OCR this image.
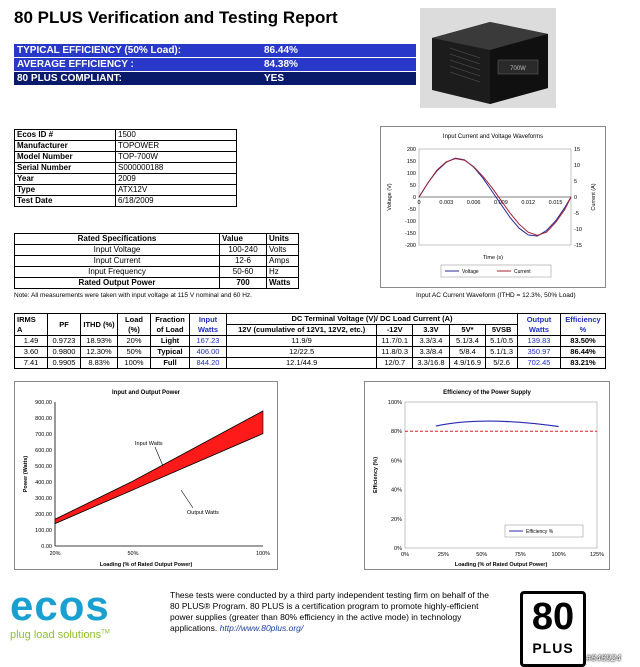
80 PLUS Verification and Testing Report
TYPICAL EFFICIENCY (50% Load):	86.44%
AVERAGE EFFICIENCY :	84.38%
80 PLUS COMPLIANT:	YES
700W
Ecos ID #	1500
Manufacturer	TOPOWER
Model Number	TOP-700W
Serial Number	S000000188
Year	2009
Type	ATX12V
Test Date	6/18/2009
Rated Specifications	Value	Units
Input Voltage	100-240	Volts
Input Current	12-6	Amps
Input Frequency	50-60	Hz
Rated Output Power	700	Watts
Note: All measurements were taken with input voltage at 115 V nominal and 60 Hz.	Input AC Current Waveform (ITHD = 12.3%, 50% Load)
Input Current and Voltage Waveforms
200
150
100
50
0
-50
-100
-150
-200
15
10
5
0
-5
-10
-15
0	0.003 0.006 0.009 0.012 0.015
Time (s)
Voltage (V)	Current (A)
Voltage	Current
IRMS
A	PF	ITHD (%)	Load (%)	Fraction of Load	Input Watts	DC Terminal Voltage (V)/ DC Load Current (A)					Output Watts	Efficiency %
						12V (cumulative of 12V1, 12V2, etc.)	-12V	3.3V	5V*	5VSB		
1.49	0.9723	18.93%	20%	Light	167.23	11.9/9	11.7/0.1	3.3/3.4	5.1/3.4	5.1/0.5	139.83	83.50%
3.60	0.9800	12.30%	50%	Typical	406.00	12/22.5	11.8/0.3	3.3/8.4	5/8.4	5.1/1.3	350.97	86.44%
7.41	0.9905	8.83%	100%	Full	844.20	12.1/44.9	12/0.7	3.3/16.8	4.9/16.9	5/2.6	702.45	83.21%
Input and Output Power
900.00
800.00
700.00
600.00
500.00
400.00
300.00
200.00
100.00
0.00
20%	50%	100%
Loading (% of Rated Output Power)
Power (Watts)
Input Watts
Output Watts
Efficiency of the Power Supply
100%
80%
60%
40%
20%
0%
0%	25%	50%	75%	100%	125%
Loading (% of Rated Output Power)
Efficiency (%)
Efficiency %
ecos
plug load solutions™
These tests were conducted by a third party independent testing firm on behalf of the 80 PLUS® Program. 80 PLUS is a certification program to promote highly-efficient power supplies (greater than 80% efficiency in the active mode) in technology applications. http://www.80plus.org/	80
PLUS
#646924
